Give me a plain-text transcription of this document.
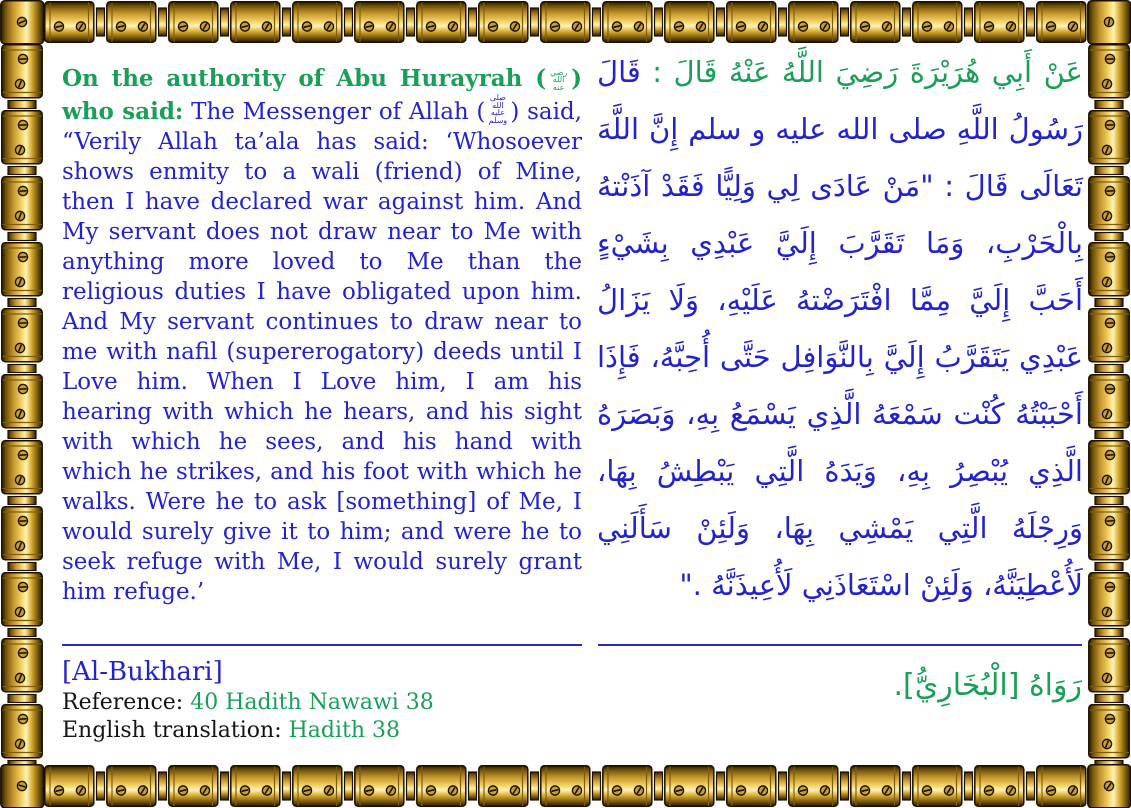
On the authority of Abu Hurayrah ( رضي الله عنه ) who said: The Messenger of Allah (صلى الله عليه وسلم ) said, “Verily Allah ta’ala has said: ‘Whosoever shows enmity to a wali (friend) of Mine, then I have declared war against him. And My servant does not draw near to Me with anything more loved to Me than the religious duties I have obligated upon him. And My servant continues to draw near to me with nafil (supererogatory) deeds until I Love him. When I Love him, I am his hearing with which he hears, and his sight with which he sees, and his hand with which he strikes, and his foot with which he walks. Were he to ask [something] of Me, I would surely give it to him; and were he to seek refuge with Me, I would surely grant him refuge.’

[Al-Bukhari]
Reference: 40 Hadith Nawawi 38
English translation: Hadith 38

عَنْ أَبِي هُرَيْرَةَ رَضِيَ اللَّهُ عَنْهُ قَالَ : قَالَ رَسُولُ اللَّهِ صلى الله عليه و سلم إِنَّ اللَّهَ تَعَالَى قَالَ : "مَنْ عَادَى لِي وَلِيًّا فَقَدْ آذَنْتهُ بِالْحَرْبِ، وَمَا تَقَرَّبَ إِلَيَّ عَبْدِي بِشَيْءٍ أَحَبَّ إِلَيَّ مِمَّا افْتَرَضْتهُ عَلَيْهِ، وَلَا يَزَالُ عَبْدِي يَتَقَرَّبُ إِلَيَّ بِالنَّوَافِل حَتَّى أُحِبَّهُ، فَإِذَا أَحْبَبْتُهُ كُنْت سَمْعَهُ الَّذِي يَسْمَعُ بِهِ، وَبَصَرَهُ الَّذِي يُبْصِرُ بِهِ، وَيَدَهُ الَّتِي يَبْطِشُ بِهَا، وَرِجْلَهُ الَّتِي يَمْشِي بِهَا، وَلَئِنْ سَأَلَنِي لَأُعْطِيَنَّهُ، وَلَئِنْ اسْتَعَاذَنِي لَأُعِيذَنَّهُ ."

رَوَاهُ [الْبُخَارِيُّ].
